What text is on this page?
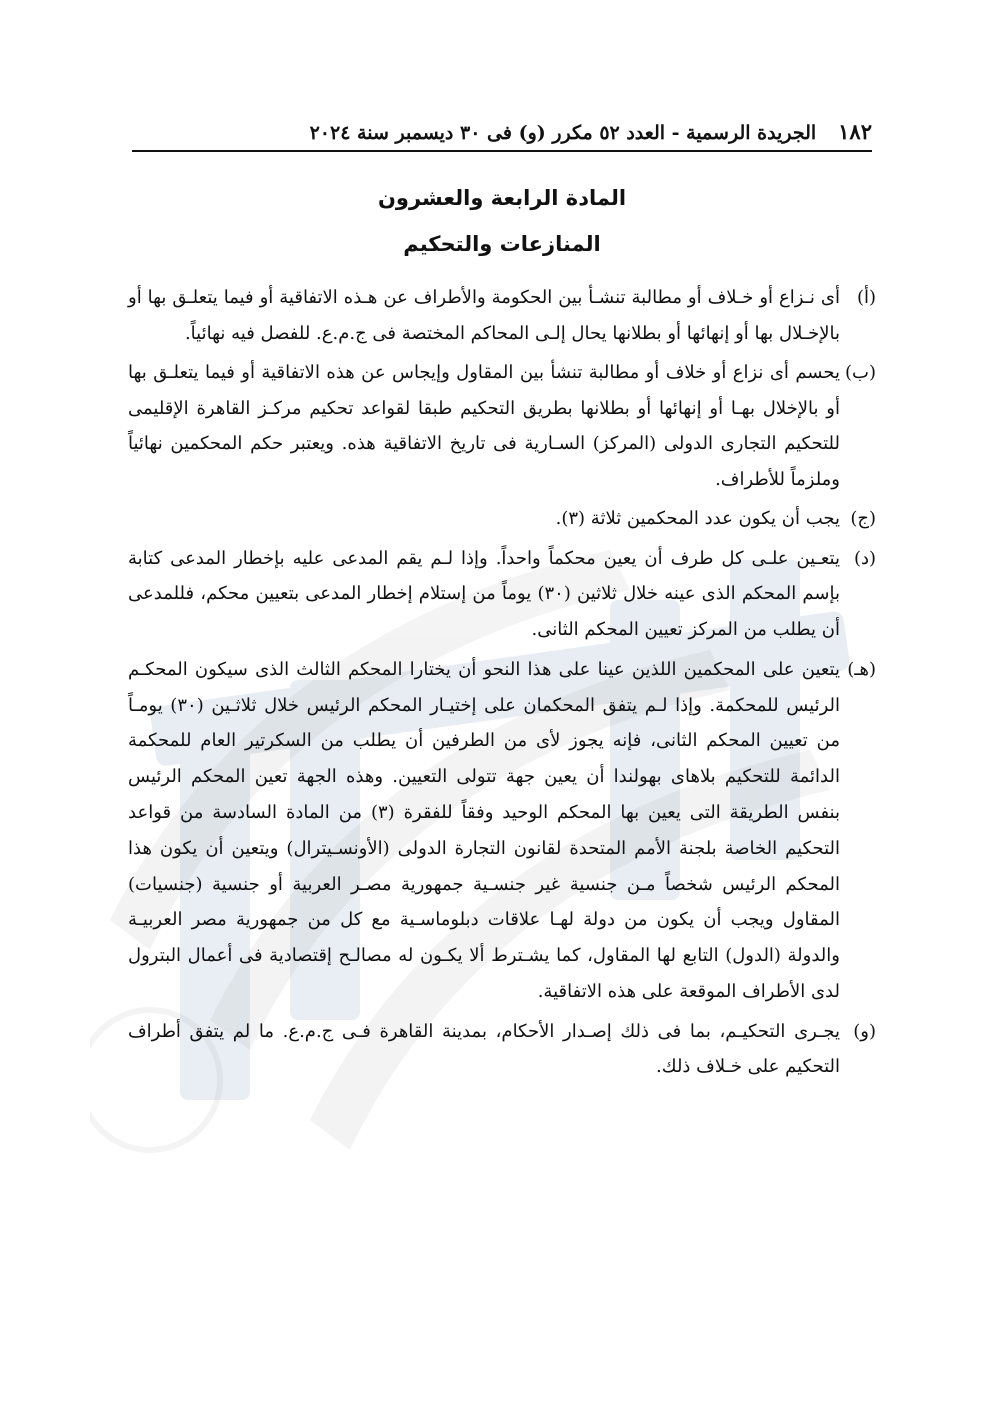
١٨٢
الجريدة الرسمية - العدد ٥٢ مكرر (و) فى ٣٠ ديسمبر سنة ٢٠٢٤
المادة الرابعة والعشرون
المنازعات والتحكيم
(أ)
أى نـزاع أو خـلاف أو مطالبة تنشـأ بين الحكومة والأطراف عن هـذه الاتفاقية أو فيما يتعلـق بها أو بالإخـلال بها أو إنهائها أو بطلانها يحال إلـى المحاكم المختصة فى ج.م.ع. للفصل فيه نهائياً.
(ب)
يحسم أى نزاع أو خلاف أو مطالبة تنشأ بين المقاول وإيجاس عن هذه الاتفاقية أو فيما يتعلـق بها أو بالإخلال بهـا أو إنهائها أو بطلانها بطريق التحكيم طبقا لقواعد تحكيم مركـز القاهرة الإقليمى للتحكيم التجارى الدولى (المركز) السـارية فى تاريخ الاتفاقية هذه. ويعتبر حكم المحكمين نهائياً وملزماً للأطراف.
(ج)
يجب أن يكون عدد المحكمين ثلاثة (٣).
(د)
يتعـين علـى كل طرف أن يعين محكماً واحداً. وإذا لـم يقم المدعى عليه بإخطار المدعى كتابة بإسم المحكم الذى عينه خلال ثلاثين (٣٠) يوماً من إستلام إخطار المدعى بتعيين محكم، فللمدعى أن يطلب من المركز تعيين المحكم الثانى.
(هـ)
يتعين على المحكمين اللذين عينا على هذا النحو أن يختارا المحكم الثالث الذى سيكون المحكـم الرئيس للمحكمة. وإذا لـم يتفق المحكمان على إختيـار المحكم الرئيس خلال ثلاثـين (٣٠) يومـاً من تعيين المحكم الثانى، فإنه يجوز لأى من الطرفين أن يطلب من السكرتير العام للمحكمة الدائمة للتحكيم بلاهاى بهولندا أن يعين جهة تتولى التعيين. وهذه الجهة تعين المحكم الرئيس بنفس الطريقة التى يعين بها المحكم الوحيد وفقاً للفقرة (٣) من المادة السادسة من قواعد التحكيم الخاصة بلجنة الأمم المتحدة لقانون التجارة الدولى (الأونسـيترال) ويتعين أن يكون هذا المحكم الرئيس شخصاً مـن جنسية غير جنسـية جمهورية مصـر العربية أو جنسية (جنسيات) المقاول ويجب أن يكون من دولة لهـا علاقات دبلوماسـية مع كل من جمهورية مصر العربيـة والدولة (الدول) التابع لها المقاول، كما يشـترط ألا يكـون له مصالـح إقتصادية فى أعمال البترول لدى الأطراف الموقعة على هذه الاتفاقية.
(و)
يجـرى التحكيـم، بما فى ذلك إصـدار الأحكام، بمدينة القاهرة فـى ج.م.ع. ما لم يتفق أطراف التحكيم على خـلاف ذلك.
